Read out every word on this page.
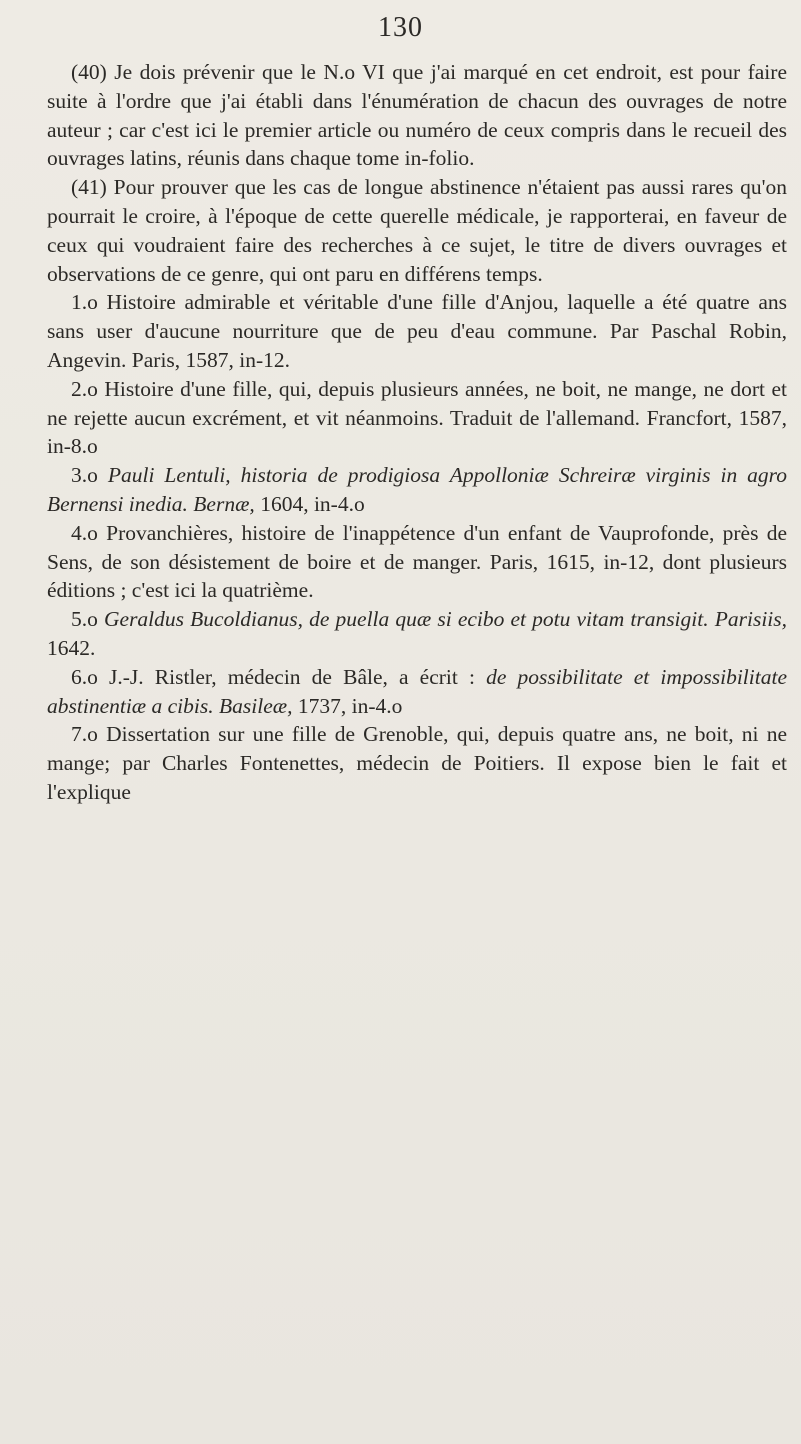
130

(40) Je dois prévenir que le N.o VI que j'ai marqué en cet endroit, est pour faire suite à l'ordre que j'ai établi dans l'énumération de chacun des ouvrages de notre auteur ; car c'est ici le premier article ou numéro de ceux compris dans le recueil des ouvrages latins, réunis dans chaque tome in-folio.

(41) Pour prouver que les cas de longue abstinence n'étaient pas aussi rares qu'on pourrait le croire, à l'époque de cette querelle médicale, je rapporterai, en faveur de ceux qui voudraient faire des recherches à ce sujet, le titre de divers ouvrages et observations de ce genre, qui ont paru en différens temps.

1.o Histoire admirable et véritable d'une fille d'Anjou, laquelle a été quatre ans sans user d'aucune nourriture que de peu d'eau commune. Par Paschal Robin, Angevin. Paris, 1587, in-12.

2.o Histoire d'une fille, qui, depuis plusieurs années, ne boit, ne mange, ne dort et ne rejette aucun excrément, et vit néanmoins. Traduit de l'allemand. Francfort, 1587, in-8.o

3.o Pauli Lentuli, historia de prodigiosa Appolloniæ Schreiræ virginis in agro Bernensi inedia. Bernæ, 1604, in-4.o

4.o Provanchières, histoire de l'inappétence d'un enfant de Vauprofonde, près de Sens, de son désistement de boire et de manger. Paris, 1615, in-12, dont plusieurs éditions ; c'est ici la quatrième.

5.o Geraldus Bucoldianus, de puella quæ si ecibo et potu vitam transigit. Parisiis, 1642.

6.o J.-J. Ristler, médecin de Bâle, a écrit : de possibilitate et impossibilitate abstinentiæ a cibis. Basileæ, 1737, in-4.o

7.o Dissertation sur une fille de Grenoble, qui, depuis quatre ans, ne boit, ni ne mange; par Charles Fontenettes, médecin de Poitiers. Il expose bien le fait et l'explique
